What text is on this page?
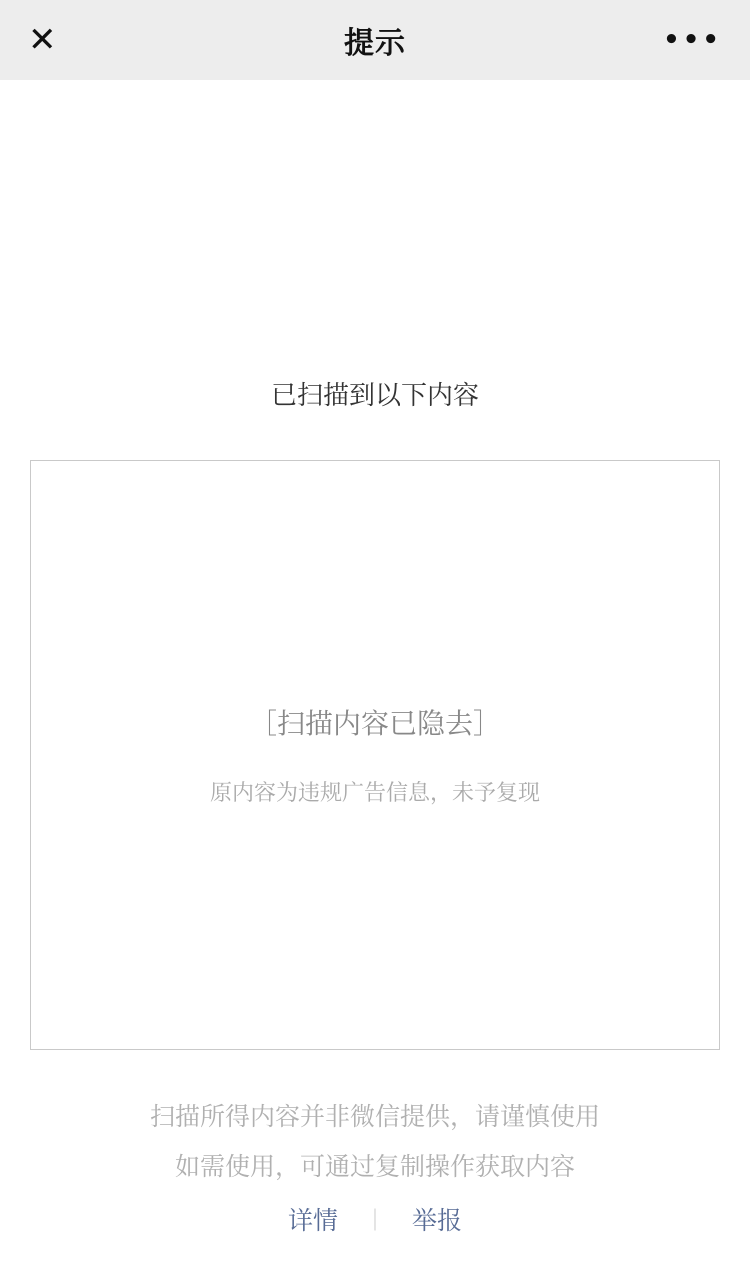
✕	提示	•••
已扫描到以下内容
［扫描内容已隐去］
原内容为违规广告信息，未予复现

扫描所得内容并非微信提供，请谨慎使用

如需使用，可通过复制操作获取内容

详情 ｜ 举报
